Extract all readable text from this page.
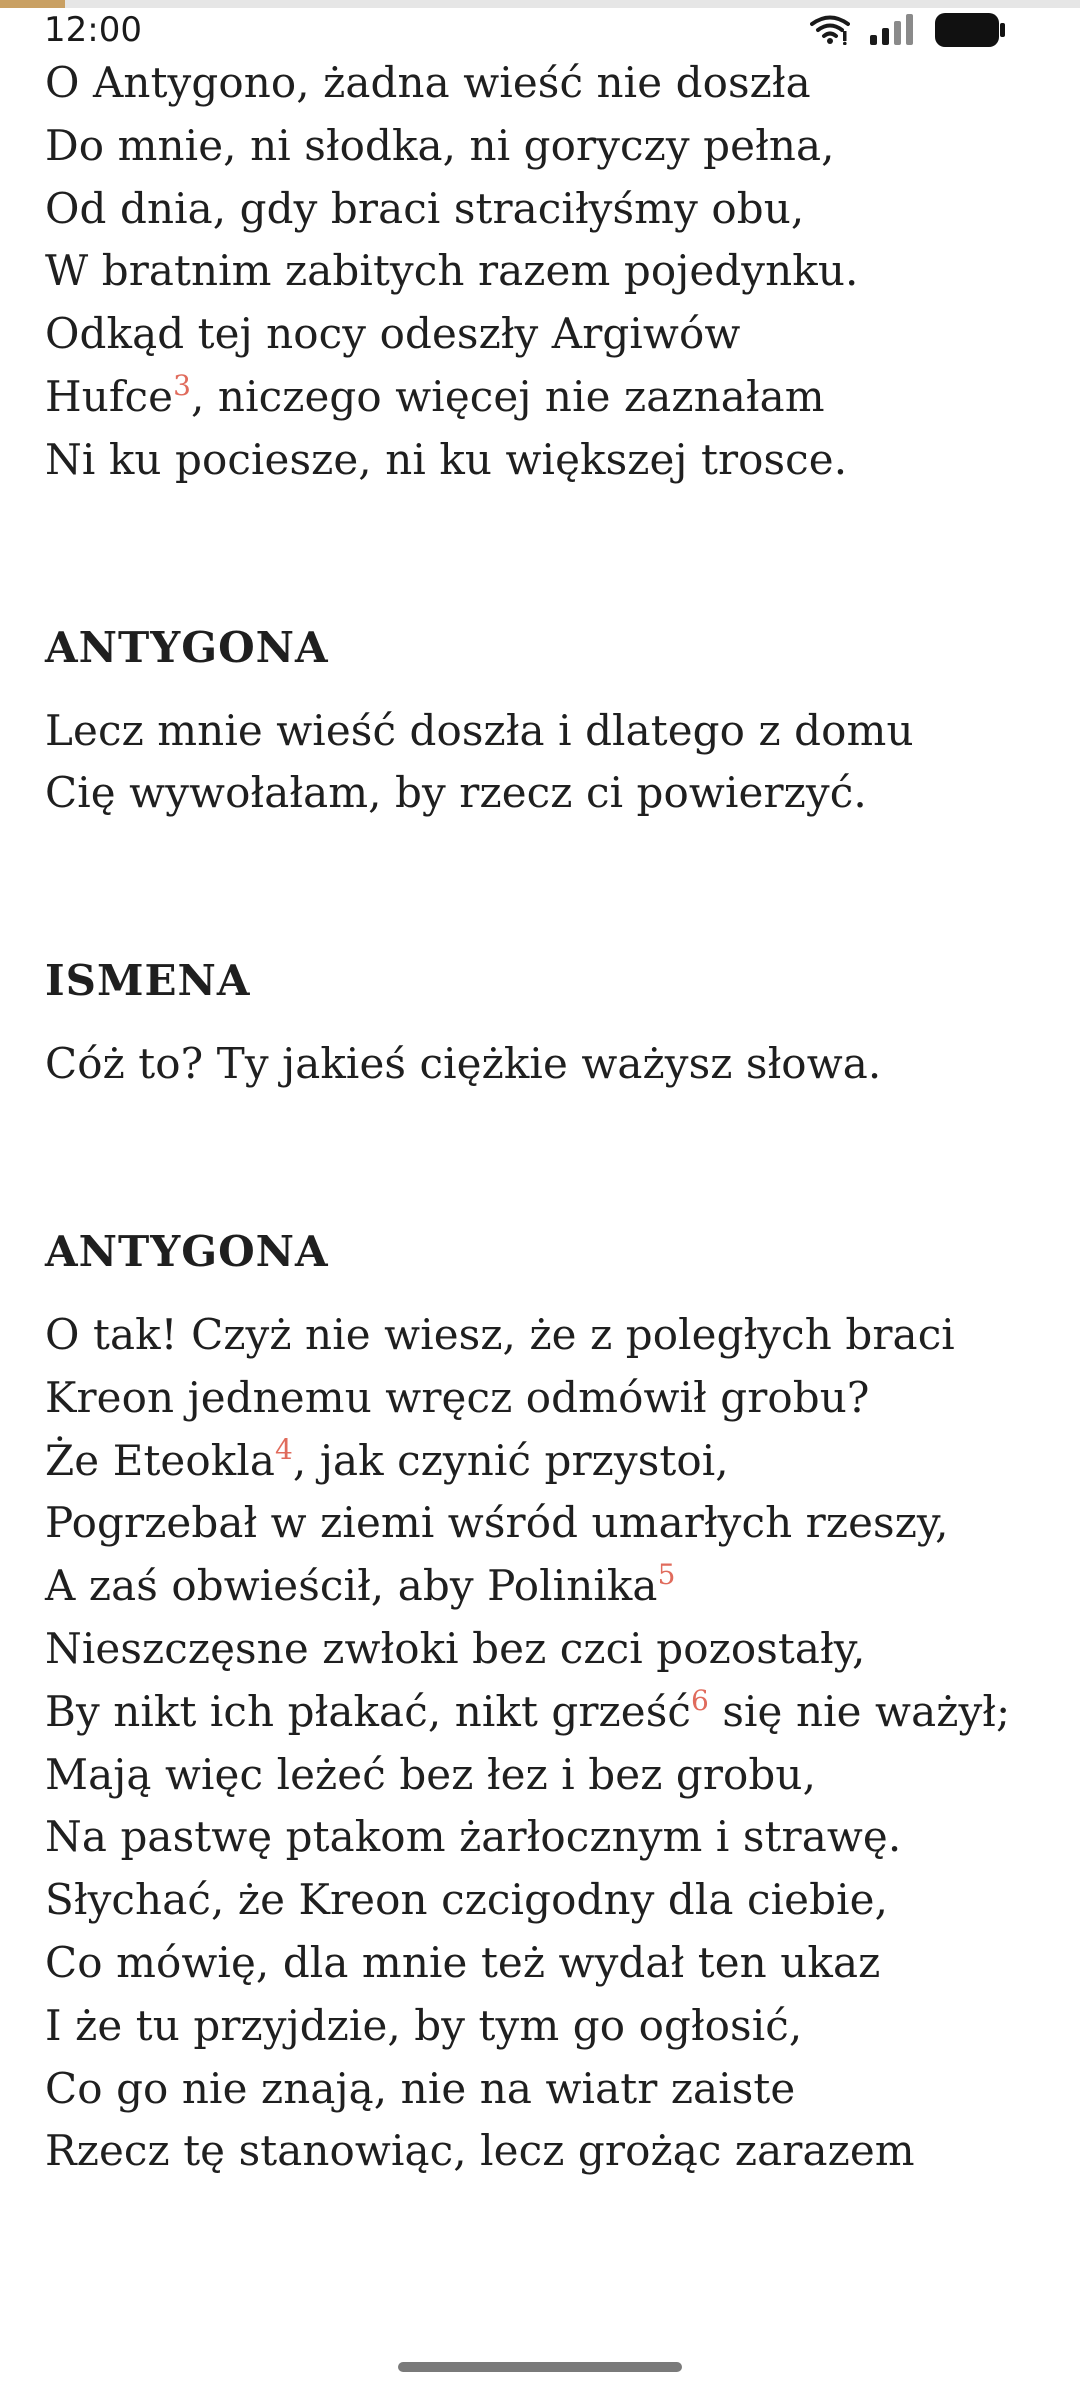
12:00
O Antygono, żadna wieść nie doszła
Do mnie, ni słodka, ni goryczy pełna,
Od dnia, gdy braci straciłyśmy obu,
W bratnim zabitych razem pojedynku.
Odkąd tej nocy odeszły Argiwów
Hufce$^3$, niczego więcej nie zaznałam
Ni ku pociesze, ni ku większej trosce.
ANTYGONA
Lecz mnie wieść doszła i dlatego z domu
Cię wywołałam, by rzecz ci powierzyć.
ISMENA
Cóż to? Ty jakieś ciężkie ważysz słowa.
ANTYGONA
O tak! Czyż nie wiesz, że z poległych braci
Kreon jednemu wręcz odmówił grobu?
Że Eteokla$^4$, jak czynić przystoi,
Pogrzebał w ziemi wśród umarłych rzeszy,
A zaś obwieścił, aby Polinika$^5$
Nieszczęsne zwłoki bez czci pozostały,
By nikt ich płakać, nikt grześć$^6$ się nie ważył;
Mają więc leżeć bez łez i bez grobu,
Na pastwę ptakom żarłocznym i strawę.
Słychać, że Kreon czcigodny dla ciebie,
Co mówię, dla mnie też wydał ten ukaz
I że tu przyjdzie, by tym go ogłosić,
Co go nie znają, nie na wiatr zaiste
Rzecz tę stanowiąc, lecz grożąc zarazem
